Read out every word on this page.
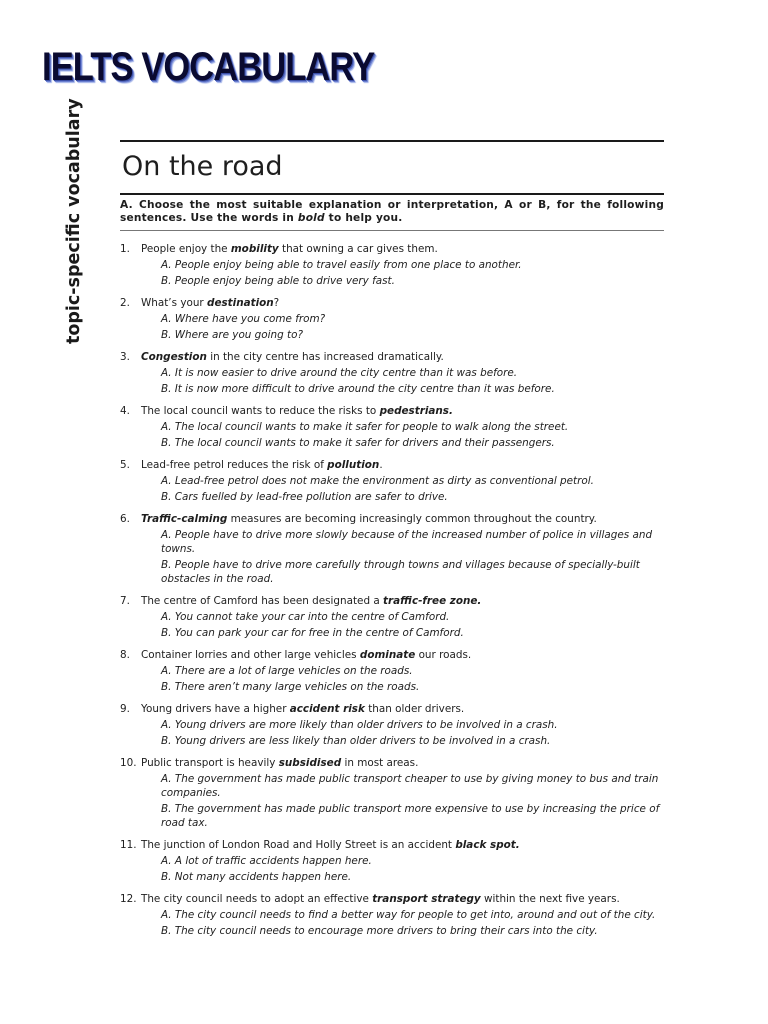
IELTS VOCABULARY
topic-specific vocabulary On the road
A. Choose the most suitable explanation or interpretation, A or B, for the following sentences. Use the words in bold to help you.
1.	People enjoy the mobility that owning a car gives them.
A. People enjoy being able to travel easily from one place to another.
B. People enjoy being able to drive very fast.
2.	What’s your destination?
A. Where have you come from?
B. Where are you going to?
3.	Congestion in the city centre has increased dramatically.
A. It is now easier to drive around the city centre than it was before.
B. It is now more difficult to drive around the city centre than it was before.
4.	The local council wants to reduce the risks to pedestrians.
A. The local council wants to make it safer for people to walk along the street.
B. The local council wants to make it safer for drivers and their passengers.
5.	Lead-free petrol reduces the risk of pollution.
A. Lead-free petrol does not make the environment as dirty as conventional petrol.
B. Cars fuelled by lead-free pollution are safer to drive.
6.	Traffic-calming measures are becoming increasingly common throughout the country.
A. People have to drive more slowly because of the increased number of police in villages and towns.
B. People have to drive more carefully through towns and villages because of specially-built obstacles in the road.
7.	The centre of Camford has been designated a traffic-free zone.
A. You cannot take your car into the centre of Camford.
B. You can park your car for free in the centre of Camford.
8.	Container lorries and other large vehicles dominate our roads.
A. There are a lot of large vehicles on the roads.
B. There aren’t many large vehicles on the roads.
9.	Young drivers have a higher accident risk than older drivers.
A. Young drivers are more likely than older drivers to be involved in a crash.
B. Young drivers are less likely than older drivers to be involved in a crash.
10. Public transport is heavily subsidised in most areas.
A. The government has made public transport cheaper to use by giving money to bus and train companies.
B. The government has made public transport more expensive to use by increasing the price of road tax.
11. The junction of London Road and Holly Street is an accident black spot.
A. A lot of traffic accidents happen here.
B. Not many accidents happen here.
12. The city council needs to adopt an effective transport strategy within the next five years.
A. The city council needs to find a better way for people to get into, around and out of the city.
B. The city council needs to encourage more drivers to bring their cars into the city.
